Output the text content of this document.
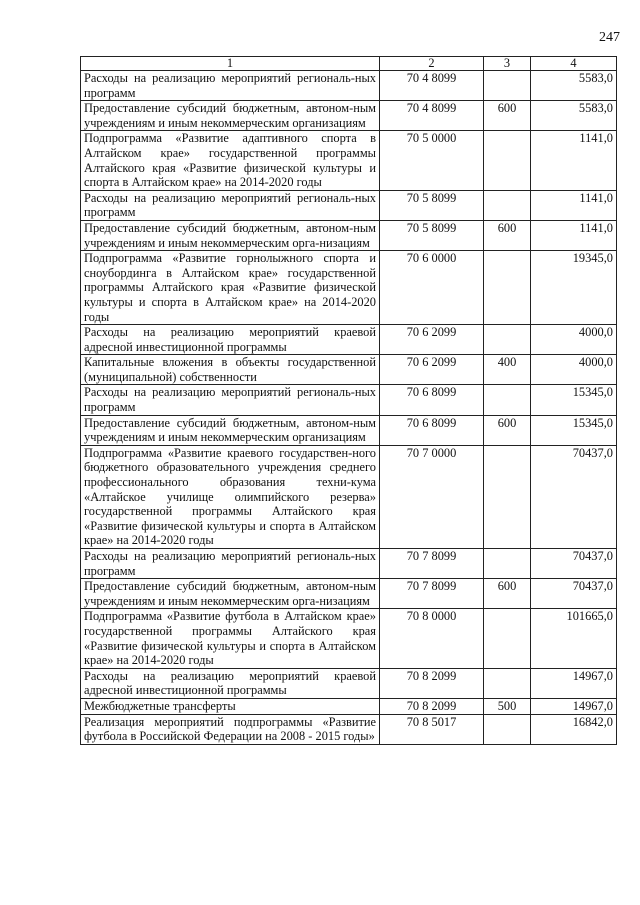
247
1	2	3	4
Расходы на реализацию мероприятий региональ-ных программ	70 4 8099		5583,0
Предоставление субсидий бюджетным, автоном-ным учреждениям и иным некоммерческим организациям	70 4 8099	600	5583,0
Подпрограмма «Развитие адаптивного спорта в Алтайском крае» государственной программы Алтайского края «Развитие физической культуры и спорта в Алтайском крае» на 2014-2020 годы	70 5 0000		1141,0
Расходы на реализацию мероприятий региональ-ных программ	70 5 8099		1141,0
Предоставление субсидий бюджетным, автоном-ным учреждениям и иным некоммерческим орга-низациям	70 5 8099	600	1141,0
Подпрограмма «Развитие горнолыжного спорта и сноубординга в Алтайском крае» государственной программы Алтайского края «Развитие физической культуры и спорта в Алтайском крае» на 2014-2020 годы	70 6 0000		19345,0
Расходы на реализацию мероприятий краевой адресной инвестиционной программы	70 6 2099		4000,0
Капитальные вложения в объекты государственной (муниципальной) собственности	70 6 2099	400	4000,0
Расходы на реализацию мероприятий региональ-ных программ	70 6 8099		15345,0
Предоставление субсидий бюджетным, автоном-ным учреждениям и иным некоммерческим организациям	70 6 8099	600	15345,0
Подпрограмма «Развитие краевого государствен-ного бюджетного образовательного учреждения среднего профессионального образования техни-кума «Алтайское училище олимпийского резерва» государственной программы Алтайского края «Развитие физической культуры и спорта в Алтайском крае» на 2014-2020 годы	70 7 0000		70437,0
Расходы на реализацию мероприятий региональ-ных программ	70 7 8099		70437,0
Предоставление субсидий бюджетным, автоном-ным учреждениям и иным некоммерческим орга-низациям	70 7 8099	600	70437,0
Подпрограмма «Развитие футбола в Алтайском крае» государственной программы Алтайского края «Развитие физической культуры и спорта в Алтайском крае» на 2014-2020 годы	70 8 0000		101665,0
Расходы на реализацию мероприятий краевой адресной инвестиционной программы	70 8 2099		14967,0
Межбюджетные трансферты	70 8 2099	500	14967,0
Реализация мероприятий подпрограммы «Развитие футбола в Российской Федерации на 2008 - 2015 годы»	70 8 5017		16842,0
